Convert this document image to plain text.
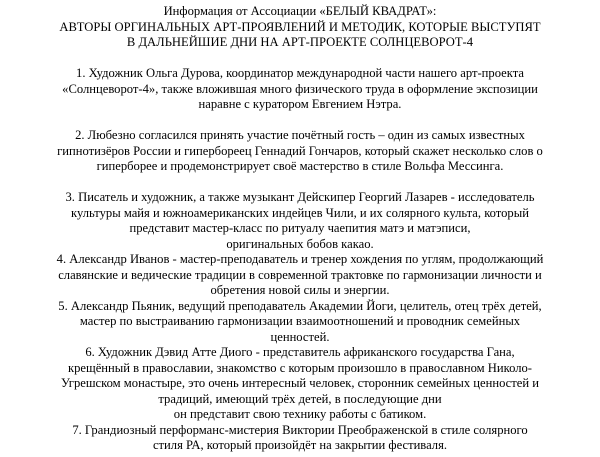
Информация от Ассоциации «БЕЛЫЙ КВАДРАТ»:
АВТОРЫ ОРГИНАЛЬНЫХ АРТ-ПРОЯВЛЕНИЙ И МЕТОДИК, КОТОРЫЕ ВЫСТУПЯТ
В ДАЛЬНЕЙШИЕ ДНИ НА АРТ-ПРОЕКТЕ СОЛНЦЕВОРОТ-4
1. Художник Ольга Дурова, координатор международной части нашего арт-проекта
«Солнцеворот-4», также вложившая много физического труда в оформление экспозиции
наравне с куратором Евгением Нэтра.
2. Любезно согласился принять участие почётный гость – один из самых известных
гипнотизёров России и гипербореец Геннадий Гончаров, который скажет несколько слов о
гиперборее и продемонстрирует своё мастерство в стиле Вольфа Мессинга.
3. Писатель и художник, а также музыкант Дейскипер Георгий Лазарев - исследователь
культуры майя и южноамериканских индейцев Чили, и их солярного культа, который
представит мастер-класс по ритуалу чаепития матэ и матэписи,
оригинальных бобов какао.
4. Александр Иванов - мастер-преподаватель и тренер хождения по углям, продолжающий
славянские и ведические традиции в современной трактовке по гармонизации личности и
обретения новой силы и энергии.
5. Александр Пьяник, ведущий преподаватель Академии Йоги, целитель, отец трёх детей,
мастер по выстраиванию гармонизации взаимоотношений и проводник семейных
ценностей.
6. Художник Дэвид Атте Диого - представитель африканского государства Гана,
крещённый в православии, знакомство с которым произошло в православном Николо-
Угрешском монастыре, это очень интересный человек, сторонник семейных ценностей и
традиций, имеющий трёх детей, в последующие дни
он представит свою технику работы с батиком.
7. Грандиозный перформанс-мистерия Виктории Преображенской в стиле солярного
стиля РА, который произойдёт на закрытии фестиваля.
